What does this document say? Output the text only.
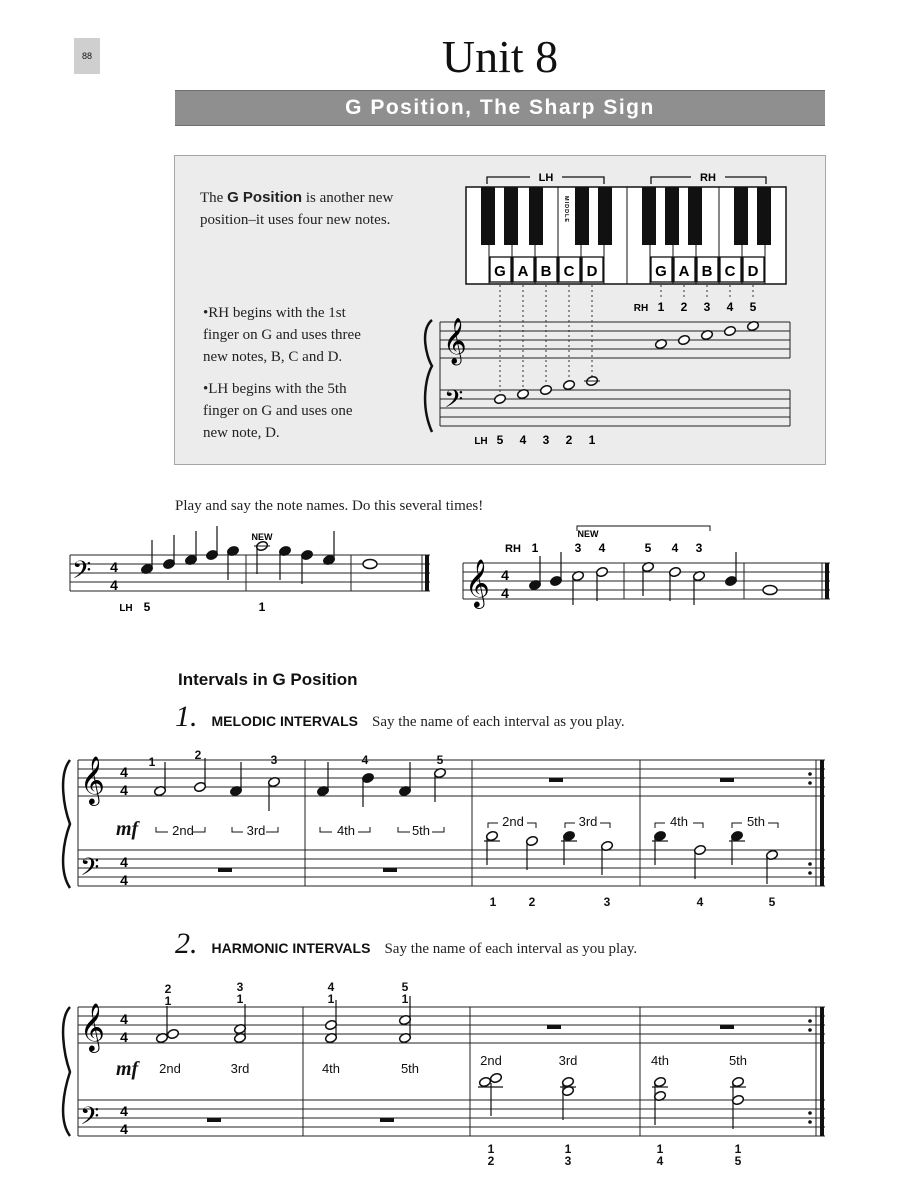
88	Unit 8
G Position, The Sharp Sign
The G Position is another new position–it uses four new notes.
•RH begins with the 1st
finger on G and uses three
new notes, B, C and D.
•LH begins with the 5th
finger on G and uses one
new note, D.
LH	RH
MIDDLE
G A B C D	G A B C D
𝄞
𝄢
RH 1 2 3 4 5
LH 5 4 3 2 1
𝄢 4
4
NEW
LH 5	1
𝄞 4
4
NEW
RH 1	3 4	5 4 3
𝄞
𝄢
4
4
4
4
𝄞
𝄢
4
4
4
4
Play and say the note names. Do this several times!
Intervals in G Position
1. MELODIC INTERVALS Say the name of each interval as you play.
mf
1	2	3	4	5
2nd	3rd	4th	5th
2nd	3rd	4th	5th
1	2	3	4	5
2. HARMONIC INTERVALS Say the name of each interval as you play.
mf
2
1
3
1
4
1
5
1
2nd	3rd	4th	5th
2nd	3rd	4th	5th
1
2
1
3
1
4
1
5
